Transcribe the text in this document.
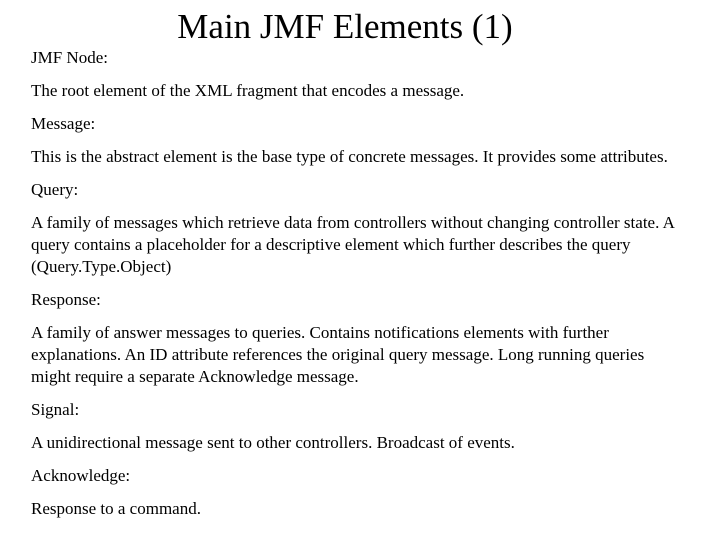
Main JMF Elements (1)

JMF Node:

The root element of the XML fragment that encodes a message.

Message:

This is the abstract element is the base type of concrete messages. It provides some attributes.

Query:

A family of messages which retrieve data from controllers without changing controller state. A query contains a placeholder for a descriptive element which further describes the query (Query.Type.Object)

Response:

A family of answer messages to queries. Contains notifications elements with further explanations. An ID attribute references the original query message. Long running queries might require a separate Acknowledge message.

Signal:

A unidirectional message sent to other controllers. Broadcast of events.

Acknowledge:

Response to a command.
